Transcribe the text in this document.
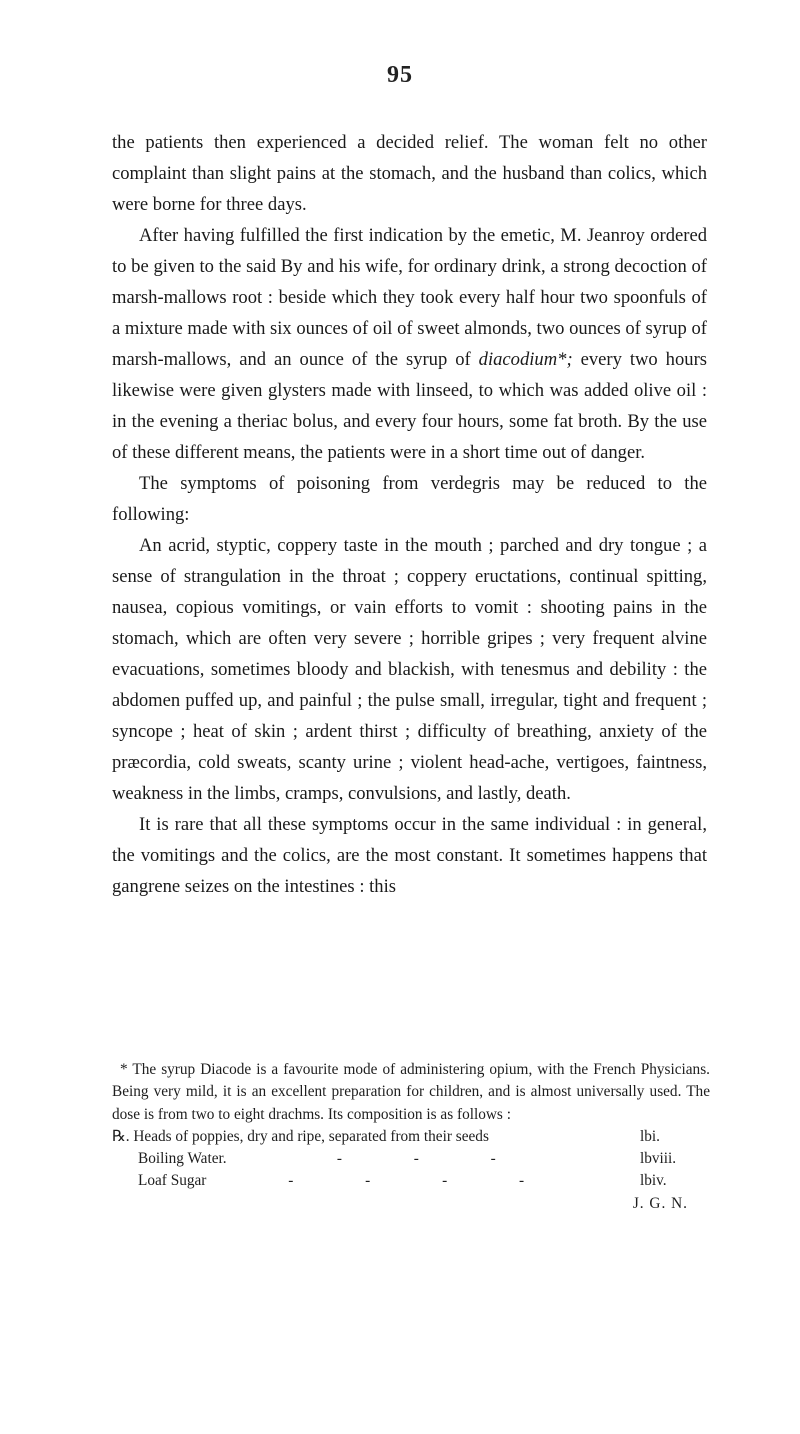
95

the patients then experienced a decided relief. The woman felt no other complaint than slight pains at the stomach, and the husband than colics, which were borne for three days.

After having fulfilled the first indication by the emetic, M. Jeanroy ordered to be given to the said By and his wife, for ordinary drink, a strong decoction of marsh-mallows root : beside which they took every half hour two spoonfuls of a mixture made with six ounces of oil of sweet almonds, two ounces of syrup of marsh-mallows, and an ounce of the syrup of diacodium*; every two hours likewise were given glysters made with linseed, to which was added olive oil : in the evening a theriac bolus, and every four hours, some fat broth. By the use of these different means, the patients were in a short time out of danger.

The symptoms of poisoning from verdegris may be reduced to the following:

An acrid, styptic, coppery taste in the mouth ; parched and dry tongue ; a sense of strangulation in the throat ; coppery eructations, continual spitting, nausea, copious vomitings, or vain efforts to vomit : shooting pains in the stomach, which are often very severe ; horrible gripes ; very frequent alvine evacuations, sometimes bloody and blackish, with tenesmus and debility : the abdomen puffed up, and painful ; the pulse small, irregular, tight and frequent ; syncope ; heat of skin ; ardent thirst ; difficulty of breathing, anxiety of the præcordia, cold sweats, scanty urine ; violent head-ache, vertigoes, faintness, weakness in the limbs, cramps, convulsions, and lastly, death.

It is rare that all these symptoms occur in the same individual : in general, the vomitings and the colics, are the most constant. It sometimes happens that gangrene seizes on the intestines : this

* The syrup Diacode is a favourite mode of administering opium, with the French Physicians. Being very mild, it is an excellent preparation for children, and is almost universally used. The dose is from two to eight drachms. Its composition is as follows :

℞. Heads of poppies, dry and ripe, separated from their seeds	lbi.
Boiling Water.	- - -	lbviii.
Loaf Sugar	- - - -	lbiv.
J. G. N.
